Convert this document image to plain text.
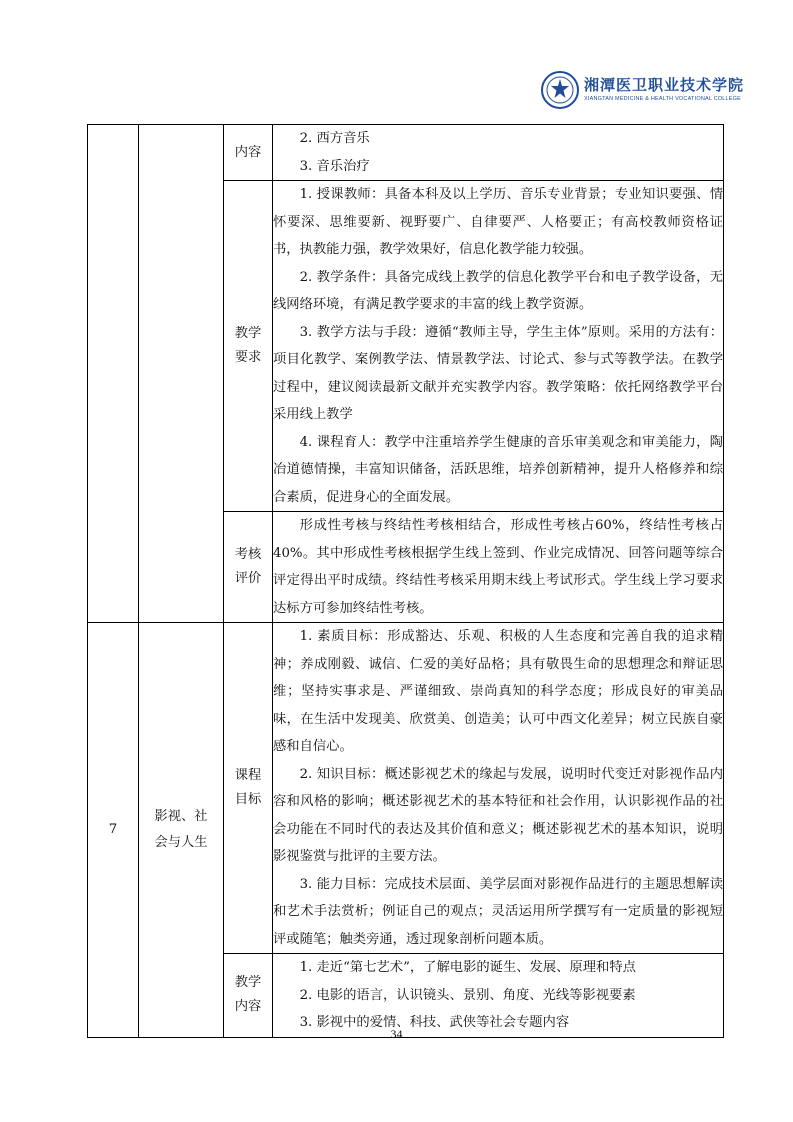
湘潭医卫职业技术学院
XIANGTAN MEDICINE & HEALTH VOCATIONAL COLLEGE
		内容	2. 西方音乐

3. 音乐治疗

		教学要求	1. 授课教师：具备本科及以上学历、音乐专业背景；专业知识要强、情怀要深、思维要新、视野要广、自律要严、人格要正；有高校教师资格证书，执教能力强，教学效果好，信息化教学能力较强。

2. 教学条件：具备完成线上教学的信息化教学平台和电子教学设备，无线网络环境，有满足教学要求的丰富的线上教学资源。

3. 教学方法与手段：遵循“教师主导，学生主体”原则。采用的方法有：项目化教学、案例教学法、情景教学法、讨论式、参与式等教学法。在教学过程中，建议阅读最新文献并充实教学内容。教学策略：依托网络教学平台采用线上教学

4. 课程育人：教学中注重培养学生健康的音乐审美观念和审美能力，陶冶道德情操，丰富知识储备，活跃思维，培养创新精神，提升人格修养和综合素质，促进身心的全面发展。

		考核评价	形成性考核与终结性考核相结合，形成性考核占60%，终结性考核占40%。其中形成性考核根据学生线上签到、作业完成情况、回答问题等综合评定得出平时成绩。终结性考核采用期末线上考试形式。学生线上学习要求达标方可参加终结性考核。

7	影视、社会与人生	课程目标	1. 素质目标：形成豁达、乐观、积极的人生态度和完善自我的追求精神；养成刚毅、诚信、仁爱的美好品格；具有敬畏生命的思想理念和辩证思维；坚持实事求是、严谨细致、崇尚真知的科学态度；形成良好的审美品味，在生活中发现美、欣赏美、创造美；认可中西文化差异；树立民族自豪感和自信心。

2. 知识目标：概述影视艺术的缘起与发展，说明时代变迁对影视作品内容和风格的影响；概述影视艺术的基本特征和社会作用，认识影视作品的社会功能在不同时代的表达及其价值和意义；概述影视艺术的基本知识，说明影视鉴赏与批评的主要方法。

3. 能力目标：完成技术层面、美学层面对影视作品进行的主题思想解读和艺术手法赏析；例证自己的观点；灵活运用所学撰写有一定质量的影视短评或随笔；触类旁通，透过现象剖析问题本质。

		教学内容	1. 走近“第七艺术”，了解电影的诞生、发展、原理和特点

2. 电影的语言，认识镜头、景别、角度、光线等影视要素

3. 影视中的爱情、科技、武侠等社会专题内容

34
